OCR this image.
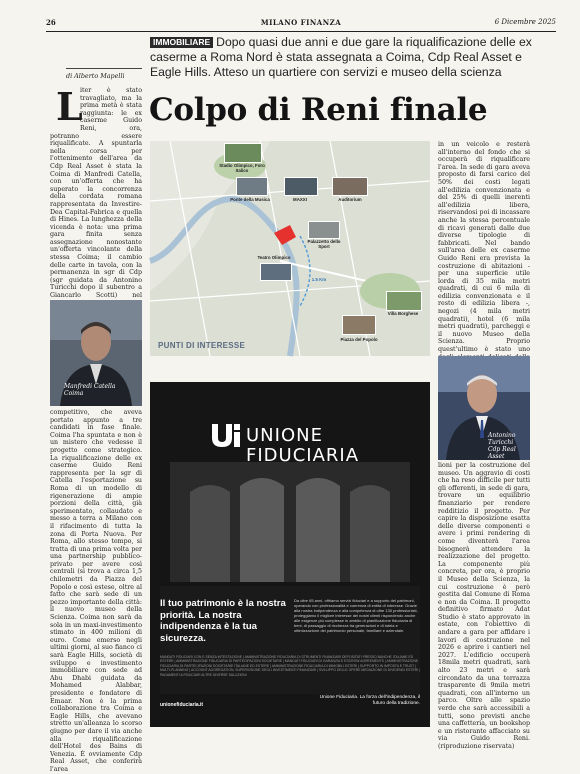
26	MILANO FINANZA	6 Dicembre 2025
IMMOBILIARE Dopo quasi due anni e due gare la riqualificazione delle ex caserme a Roma Nord è stata assegnata a Coima, Cdp Real Asset e Eagle Hills. Atteso un quartiere con servizi e museo della scienza
Colpo di Reni finale
di Alberto Mapelli
L

iter è stato travagliato, ma la prima metà è stata raggiunta: le ex caserme Guido Reni, ora, potranno essere riqualificate. A spuntarla nella corsa per l'ottenimento dell'area da Cdp Real Asset è stata la Coima di Manfredi Catella, con un'offerta che ha superato la concorrenza della cordata romana rappresentata da Investire-Dea Capital-Fabrica e quella di Hines. La lunghezza della vicenda è nota: una prima gara finita senza assegnazione nonostante un'offerta vincolante della stessa Coima; il cambio delle carte in tavola, con la permanenza in sgr di Cdp (sgr guidata da Antonino Turicchi dopo il subentro a Giancarlo Scotti) nel

Manfredi Catella
Coima

competitivo, che aveva portato appunto a tre candidati in fase finale. Coima l'ha spuntata e non è un mistero che vedesse il progetto come strategico. La riqualificazione delle ex caserme Guido Reni rappresenta per la sgr di Catella l'esportazione su Roma di un modello di rigenerazione di ampie porzioni della città, già sperimentato, collaudato e messo a terra a Milano con il rifacimento di tutta la zona di Porta Nuova. Per Roma, allo stesso tempo, si tratta di una prima volta per una partnership pubblico-privato per avere così centrali (si trova a circa 1,5 chilometri da Piazza del Popolo e così estese, oltre al fatto che sarà sede di un pezzo importante della città: il nuovo museo della Scienza. Coima non sarà da sola in un maxi-investimento stimato in 400 milioni di euro. Come emerso negli ultimi giorni, al suo fianco ci sarà Eagle Hills, società di sviluppo e investimento immobiliare con sede ad Abu Dhabi guidata da Mohamed Alabbar, presidente e fondatore di Emaar. Non è la prima collaborazione tra Coima e Eagle Hills, che avevano stretto un'alleanza lo scorso giugno per dare il via anche alla riqualificazione dell'Hotel des Bains di Venezia. È ovviamente Cdp Real Asset, che conferirà l'area

Stadio Olimpico, Foro Italico
Ponte della Musica	MAXXI	Auditorium
Palazzetto dello Sport
Teatro Olimpico
1.5 Km
Villa Borghese
Piazza del Popolo
PUNTI DI INTERESSE

in un veicolo e resterà all'interno del fondo che si occuperà di riqualificare l'area. In sede di gara aveva proposto di farsi carico del 50% dei costi legati all'edilizia convenzionata e del 25% di quelli inerenti all'edilizia libera, riservandosi poi di incassare anche la stessa percentuale di ricavi generati dalle due diverse tipologie di fabbricati. Nel bando sull'area delle ex caserme Guido Reni era prevista la costruzione di abitazioni - per una superficie utile lorda di 35 mila metri quadrati, di cui 6 mila di edilizia convenzionata e il resto di edilizia libera -, negozi (4 mila metri quadrati), hotel (6 mila metri quadrati), parcheggi e il nuovo Museo della Scienza. Proprio quest'ultimo è stato uno

Antonino Turicchi
Cdp Real Asset

lioni per la costruzione del museo. Un aggravio di costi che ha reso difficile per tutti gli offerenti, in sede di gara, trovare un equilibrio finanziario per rendere redditizio il progetto. Per capire la disposizione esatta delle diverse componenti e avere i primi rendering di come diventerà l'area bisognerà attendere la realizzazione del progetto. La componente più concreta, per ora, è proprio il Museo della Scienza, la cui costruzione è però gestita dal Comune di Roma e non da Coima. Il progetto definitivo firmato Adat Studio è stato approvato in estate, con l'obiettivo di andare a gara per affidare i lavori di costruzione nel 2026 e aprire i cantieri nel 2027. L'edificio occuperà 18mila metri quadrati, sarà alto 23 metri e sarà circondato da una terrazza trasparente di 9mila metri quadrati, con all'interno un parco. Oltre alle spazio verde che sarà accessibili a tutti, sono previsti anche una caffetteria, un bookshop e un ristorante affacciato su via Guido Reni. (riproduzione riservata)

UNIONE
FIDUCIARIA
Il tuo patrimonio è la nostra priorità. La nostra indipendenza è la tua sicurezza.
Da oltre 65 anni, offriamo servizi fiduciari e a supporto del patrimoni, operando con professionalità e coerenza di entità di interesse. Grazie alla nostra Indipendenza e alla competenza di oltre 130 professionisti, proteggiamo il migliore interesse dei nostri clienti rispondendo anche alle esigenze più complesse in ambito di pianificazione fiduciaria di beni, di passaggio di ricchezza tra generazioni e di tutela e ottimizzazione del patrimonio personale, familiare e aziendale.
MANDATI FIDUCIARI CON E SENZA INTESTAZIONE | AMMINISTRAZIONE FIDUCIARIA DI STRUMENTI FINANZIARI DEPOSITATI PRESSO BANCHE ITALIANE ED ESTERE | AMMINISTRAZIONE FIDUCIARIA DI PARTECIPAZIONI SOCIETARIE | MANDATI FIDUCIARI DI GARANZIA E ESCROW AGREEMENTS | AMMINISTRAZIONE FIDUCIARIA DI PARTECIPAZIONI SOCIETARIE ITALIANE ED ESTERE | AMMINISTRAZIONE FIDUCIARIA DI IMMOBILI ESTERI | SUPPORTO IN IMPOSTA E TRUST | MULTI-PLANNING | ACCOUNT AGGREGATION, SUPERVISIONE DEGLI INVESTIMENTI FINANZIARI | SVILUPPO DELLE OPERE MEDIAZIONE DI DIVIDENDI ESTERI | PAGAMENTI A FIDUCIARI ALTRE DIVERSE SALUZIONI
unionefiduciaria.it
Unione Fiduciaria. La forza dell'indipendenza, il futuro della tradizione.
